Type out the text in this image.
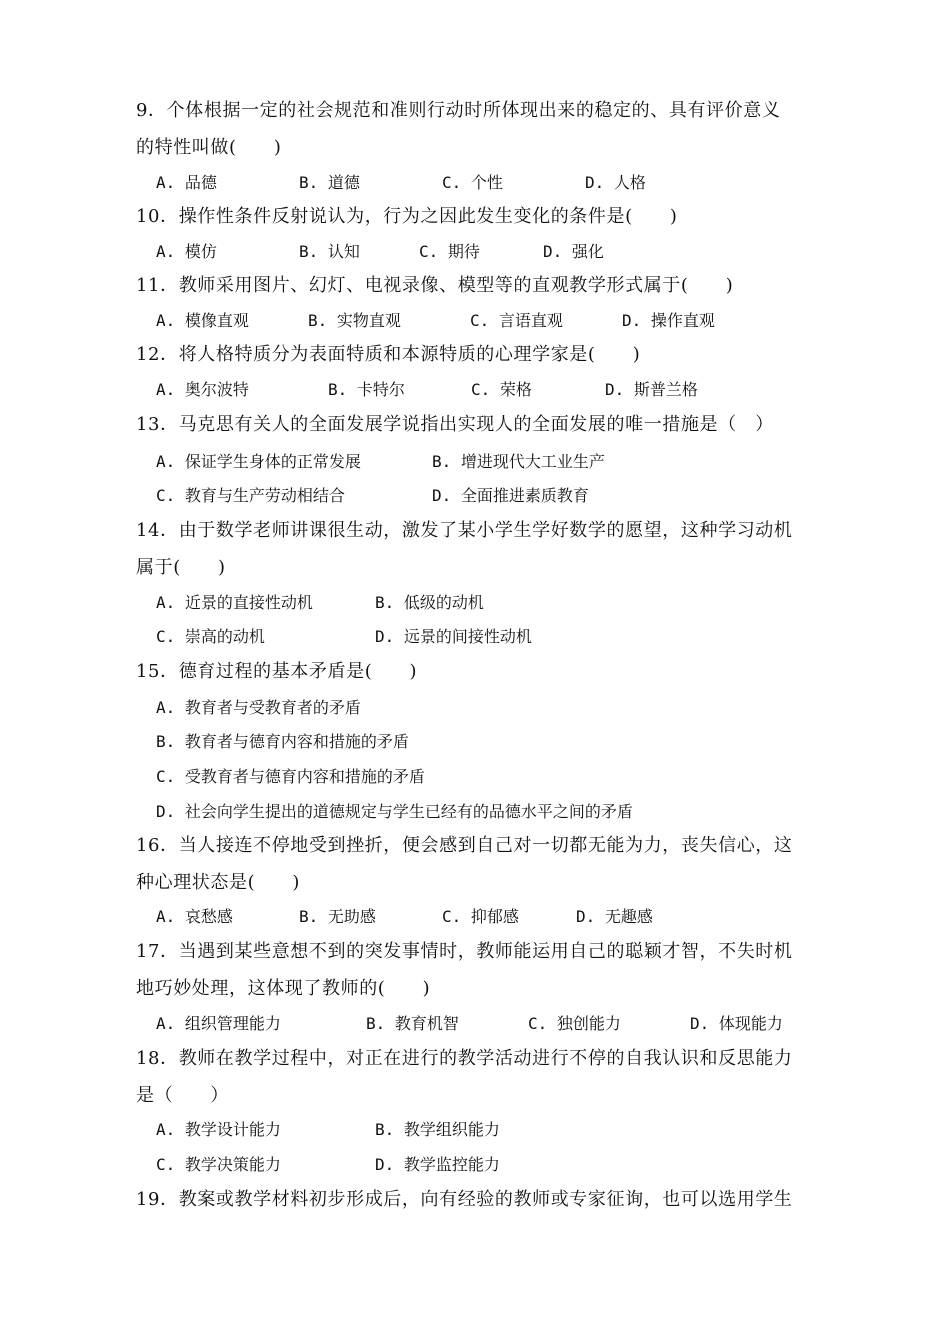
9．个体根据一定的社会规范和准则行动时所体现出来的稳定的、具有评价意义
的特性叫做(　　)
A. 品德	B. 道德	C. 个性	D. 人格
10．操作性条件反射说认为，行为之因此发生变化的条件是(　　)
A. 模仿	B. 认知	C. 期待	D. 强化
11．教师采用图片、幻灯、电视录像、模型等的直观教学形式属于(　　)
A. 模像直观	B. 实物直观	C. 言语直观	D. 操作直观
12．将人格特质分为表面特质和本源特质的心理学家是(　　)
A. 奥尔波特	B. 卡特尔	C. 荣格	D. 斯普兰格
13．马克思有关人的全面发展学说指出实现人的全面发展的唯一措施是（　）
A. 保证学生身体的正常发展	B. 增进现代大工业生产
C. 教育与生产劳动相结合	D. 全面推进素质教育
14．由于数学老师讲课很生动，激发了某小学生学好数学的愿望，这种学习动机
属于(　　)
A. 近景的直接性动机	B. 低级的动机
C. 崇高的动机	D. 远景的间接性动机
15．德育过程的基本矛盾是(　　)
A. 教育者与受教育者的矛盾
B. 教育者与德育内容和措施的矛盾
C. 受教育者与德育内容和措施的矛盾
D. 社会向学生提出的道德规定与学生已经有的品德水平之间的矛盾
16．当人接连不停地受到挫折，便会感到自己对一切都无能为力，丧失信心，这
种心理状态是(　　)
A. 哀愁感	B. 无助感	C. 抑郁感	D. 无趣感
17．当遇到某些意想不到的突发事情时，教师能运用自己的聪颖才智，不失时机
地巧妙处理，这体现了教师的(　　)
A. 组织管理能力	B. 教育机智	C. 独创能力	D. 体现能力
18．教师在教学过程中，对正在进行的教学活动进行不停的自我认识和反思能力
是（　　）
A. 教学设计能力	B. 教学组织能力
C. 教学决策能力	D. 教学监控能力
19．教案或教学材料初步形成后，向有经验的教师或专家征询，也可以选用学生
